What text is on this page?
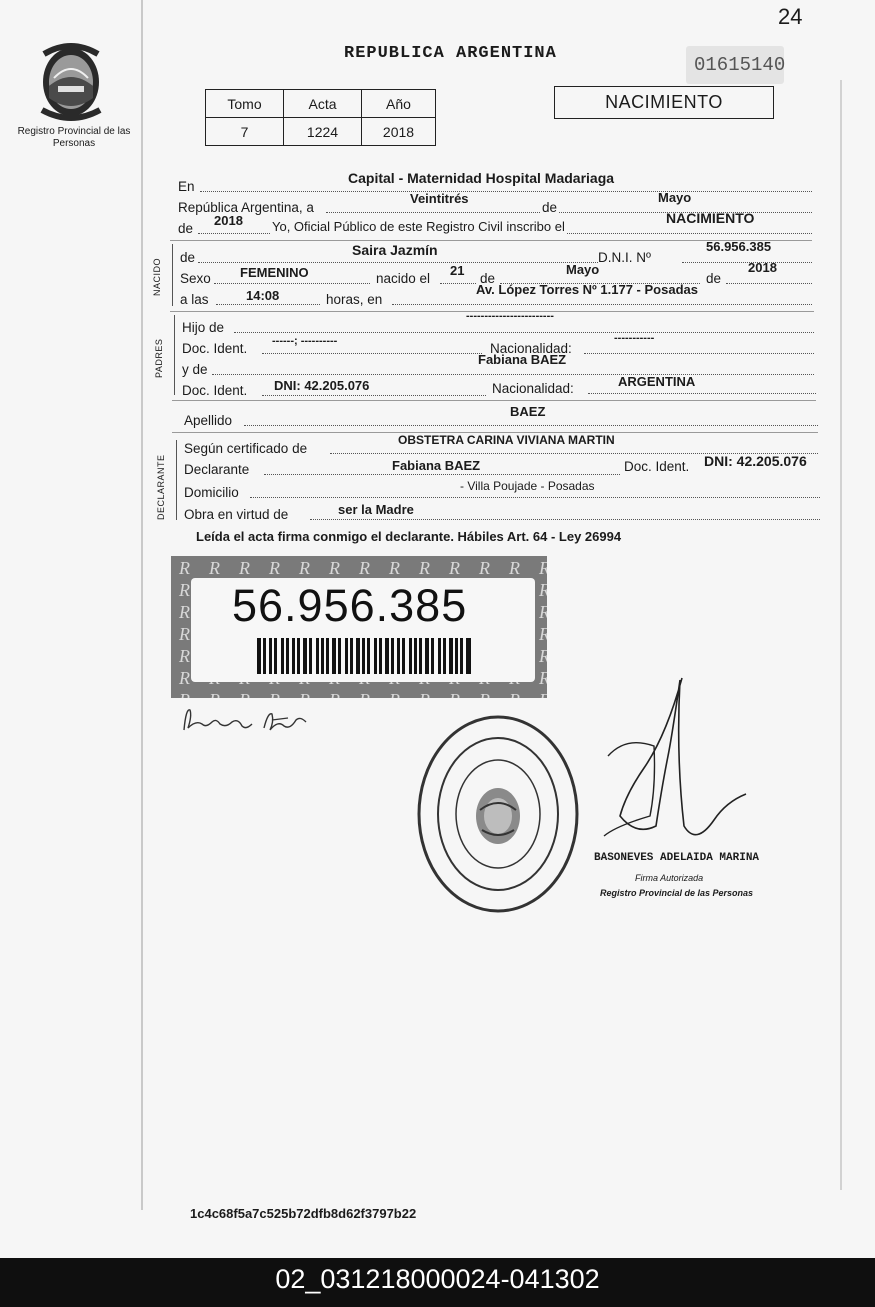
24
Registro Provincial de las Personas
REPUBLICA ARGENTINA
01615140
Tomo	Acta	Año
7	1224	2018
NACIMIENTO
En
Capital - Maternidad Hospital Madariaga
República Argentina, a
Veintitrés
de
Mayo
de
2018 Yo, Oficial Público de este Registro Civil inscribo el
NACIMIENTO
NACIDO
de	Saira Jazmín	D.N.I. Nº
56.956.385
Sexo FEMENINO	nacido el
21
de
Mayo
de
2018
a las	14:08	horas, en
Av. López Torres Nº 1.177 - Posadas
PADRES
Hijo de
------------------------
Doc. Ident. ------; ----------	Nacionalidad:
-----------
y de
Fabiana BAEZ
Doc. Ident. DNI: 42.205.076	Nacionalidad:	ARGENTINA
Apellido
BAEZ
DECLARANTE
Según certificado de
OBSTETRA CARINA VIVIANA MARTIN
Declarante	Fabiana BAEZ	Doc. Ident. DNI: 42.205.076
Domicilio	- Villa Poujade - Posadas
Obra en virtud de	ser la Madre
Leída el acta firma conmigo el declarante. Hábiles Art. 64 - Ley 26994
56.956.385
BASONEVES ADELAIDA MARINA
Firma Autorizada
Registro Provincial de las Personas
1c4c68f5a7c525b72dfb8d62f3797b22
02_031218000024-041302
